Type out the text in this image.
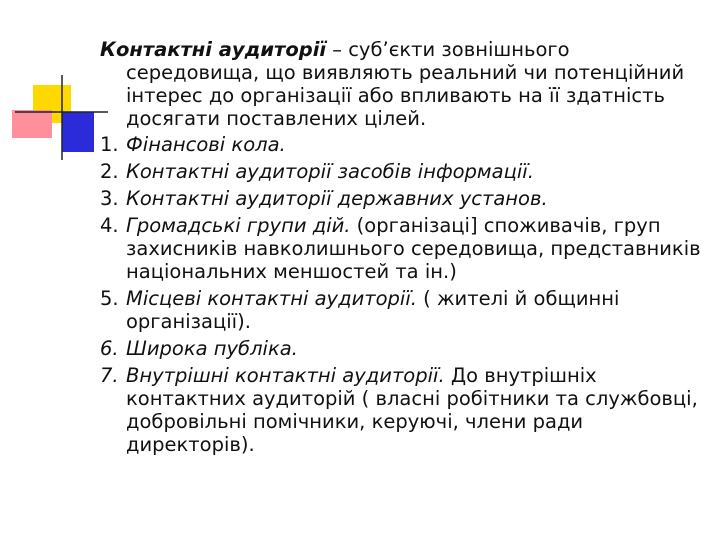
Контактні аудиторії – суб’єкти зовнішнього середовища, що виявляють реальний чи потенційний інтерес до організації або впливають на її здатність досягати поставлених цілей.

1. Фінансові кола.

2. Контактні аудиторії засобів інформації.

3. Контактні аудиторії державних установ.

4. Громадські групи дій. (організаці] споживачів, груп захисників навколишнього середовища, представників національних меншостей та ін.)

5. Місцеві контактні аудиторії. ( жителі й общинні організації).

6. Широка публіка.

7. Внутрішні контактні аудиторії. До внутрішніх контактних аудиторій ( власні робітники та службовці, добровільні помічники, керуючі, члени ради директорів).
